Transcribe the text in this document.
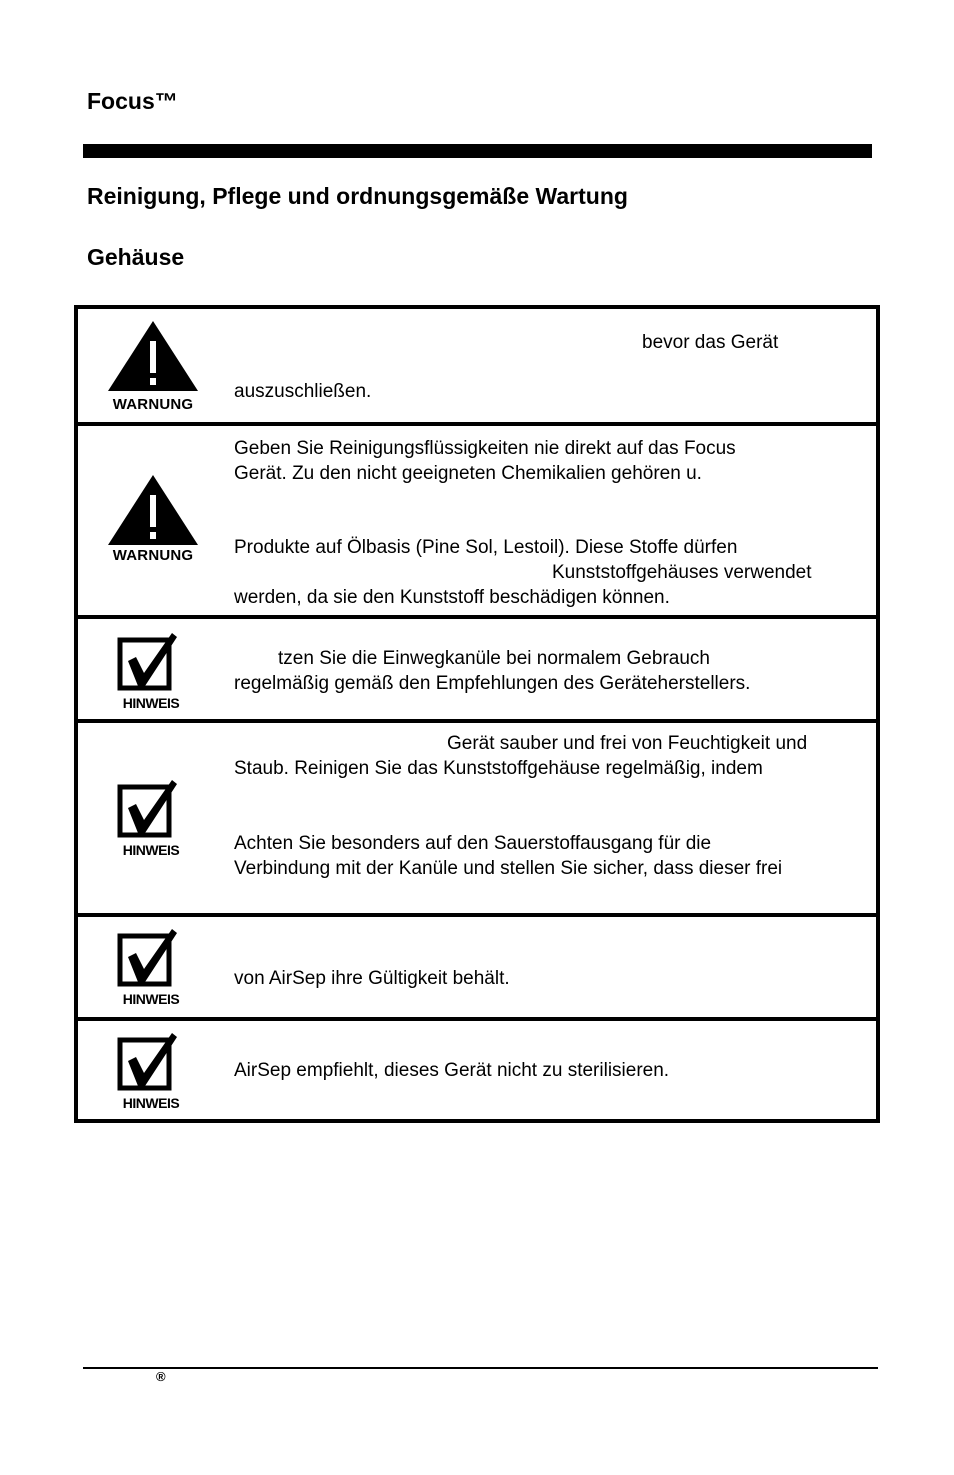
Focus™
Reinigung, Pflege und ordnungsgemäße Wartung
Gehäuse
WARNUNG
bevor das Gerät
auszuschließen.
WARNUNG
Geben Sie Reinigungsflüssigkeiten nie direkt auf das Focus
Gerät. Zu den nicht geeigneten Chemikalien gehören u.
Produkte auf Ölbasis (Pine Sol, Lestoil). Diese Stoffe dürfen
Kunststoffgehäuses verwendet
werden, da sie den Kunststoff beschädigen können.
HINWEIS
tzen Sie die Einwegkanüle bei normalem Gebrauch
regelmäßig gemäß den Empfehlungen des Geräteherstellers.
HINWEIS
Gerät sauber und frei von Feuchtigkeit und
Staub. Reinigen Sie das Kunststoffgehäuse regelmäßig, indem
Achten Sie besonders auf den Sauerstoffausgang für die
Verbindung mit der Kanüle und stellen Sie sicher, dass dieser frei
HINWEIS
von AirSep ihre Gültigkeit behält.
HINWEIS
AirSep empfiehlt, dieses Gerät nicht zu sterilisieren.
®
